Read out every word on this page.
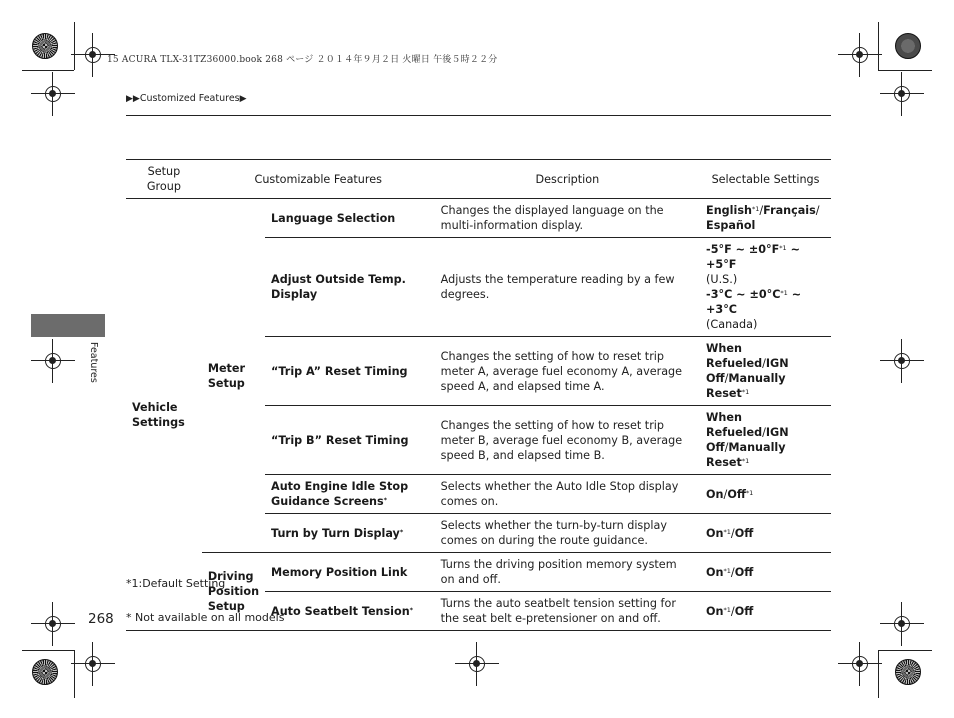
15 ACURA TLX-31TZ36000.book 268 ページ ２０１４年９月２日 火曜日 午後５時２２分
▶▶Customized Features▶
Features
Setup Group	Customizable Features		Description	Selectable Settings
Vehicle Settings	Meter Setup	Language Selection	Changes the displayed language on the multi-information display.	English$^{*1}$/Français/
Español
		Adjust Outside Temp. Display	Adjusts the temperature reading by a few degrees.	-5°F ~ $\pm 0^\circ F^{*1}$ ~ +5°F
(U.S.)
-3°C ~ $\pm 0^\circ C^{*1}$ ~ +3°C
(Canada)
		“Trip A” Reset Timing	Changes the setting of how to reset trip meter A, average fuel economy A, average speed A, and elapsed time A.	When Refueled/IGN Off/Manually Reset$^{*1}$
		“Trip B” Reset Timing	Changes the setting of how to reset trip meter B, average fuel economy B, average speed B, and elapsed time B.	When Refueled/IGN Off/Manually Reset$^{*1}$
		Auto Engine Idle Stop Guidance Screens*	Selects whether the Auto Idle Stop display comes on.	On/Off$^{*1}$
		Turn by Turn Display*	Selects whether the turn-by-turn display comes on during the route guidance.	On$^{*1}$/Off
	Driving Position Setup	Memory Position Link	Turns the driving position memory system on and off.	On$^{*1}$/Off
		Auto Seatbelt Tension*	Turns the auto seatbelt tension setting for the seat belt e-pretensioner on and off.	On$^{*1}$/Off
*1:Default Setting
268 * Not available on all models
